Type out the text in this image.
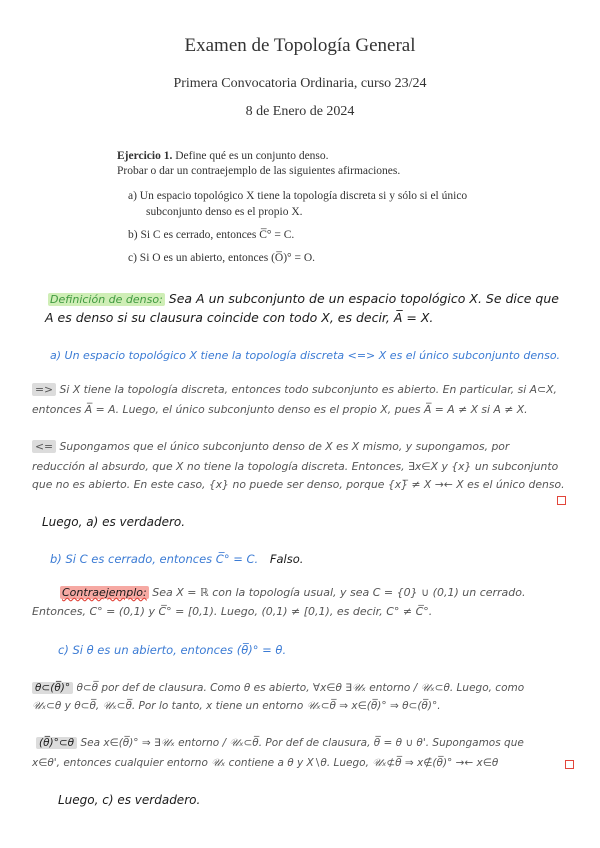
Examen de Topología General
Primera Convocatoria Ordinaria, curso 23/24
8 de Enero de 2024
Ejercicio 1. Define qué es un conjunto denso.
Probar o dar un contraejemplo de las siguientes afirmaciones.
a) Un espacio topológico X tiene la topología discreta si y sólo si el único
subconjunto denso es el propio X.
b) Si C es cerrado, entonces C̅° = C.
c) Si O es un abierto, entonces (O̅)° = O.
Definición de denso: Sea A un subconjunto de un espacio topológico X. Se dice que
A es denso si su clausura coincide con todo X, es decir, A̅ = X.
a) Un espacio topológico X tiene la topología discreta <=> X es el único subconjunto denso.
=> Si X tiene la topología discreta, entonces todo subconjunto es abierto. En particular, si A⊂X,
entonces A̅ = A. Luego, el único subconjunto denso es el propio X, pues A̅ = A ≠ X si A ≠ X.
<= Supongamos que el único subconjunto denso de X es X mismo, y supongamos, por
reducción al absurdo, que X no tiene la topología discreta. Entonces, ∃x∈X y {x} un subconjunto
que no es abierto. En este caso, {x} no puede ser denso, porque {x}̅ ≠ X →← X es el único denso.
Luego, a) es verdadero.
b) Si C es cerrado, entonces C̅° = C. Falso.
Contraejemplo: Sea X = ℝ con la topología usual, y sea C = {0} ∪ (0,1) un cerrado.
Entonces, C° = (0,1) y C̅° = [0,1). Luego, (0,1) ≠ [0,1), es decir, C° ≠ C̅°.
c) Si θ es un abierto, entonces (θ̅)° = θ.
θ⊂(θ̅)° θ⊂θ̅ por def de clausura. Como θ es abierto, ∀x∈θ ∃𝒰ₓ entorno / 𝒰ₓ⊂θ. Luego, como
𝒰ₓ⊂θ y θ⊂θ̅, 𝒰ₓ⊂θ̅. Por lo tanto, x tiene un entorno 𝒰ₓ⊂θ̅ ⇒ x∈(θ̅)° ⇒ θ⊂(θ̅)°.
(θ̅)°⊂θ Sea x∈(θ̅)° ⇒ ∃𝒰ₓ entorno / 𝒰ₓ⊂θ̅. Por def de clausura, θ̅ = θ ∪ θ'. Supongamos que
x∈θ', entonces cualquier entorno 𝒰ₓ contiene a θ y X∖θ. Luego, 𝒰ₓ⊄θ̅ ⇒ x∉(θ̅)° →← x∈θ
Luego, c) es verdadero.
